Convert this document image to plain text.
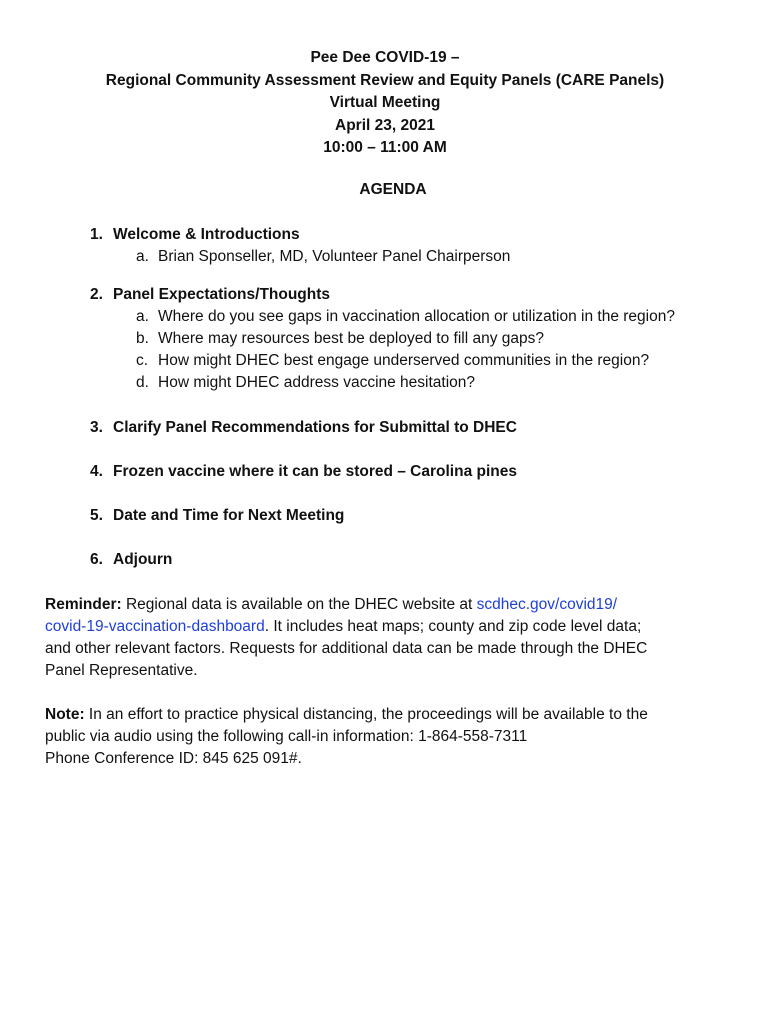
Pee Dee COVID-19 –
Regional Community Assessment Review and Equity Panels (CARE Panels)
Virtual Meeting
April 23, 2021
10:00 – 11:00 AM
AGENDA
1. Welcome & Introductions
a. Brian Sponseller, MD, Volunteer Panel Chairperson
2. Panel Expectations/Thoughts
a. Where do you see gaps in vaccination allocation or utilization in the region?
b. Where may resources best be deployed to fill any gaps?
c. How might DHEC best engage underserved communities in the region?
d. How might DHEC address vaccine hesitation?
3. Clarify Panel Recommendations for Submittal to DHEC
4. Frozen vaccine where it can be stored – Carolina pines
5. Date and Time for Next Meeting
6. Adjourn
Reminder: Regional data is available on the DHEC website at scdhec.gov/covid19/
covid-19-vaccination-dashboard. It includes heat maps; county and zip code level data;
and other relevant factors. Requests for additional data can be made through the DHEC
Panel Representative.
Note: In an effort to practice physical distancing, the proceedings will be available to the
public via audio using the following call-in information: 1-864-558-7311
Phone Conference ID: 845 625 091#.
